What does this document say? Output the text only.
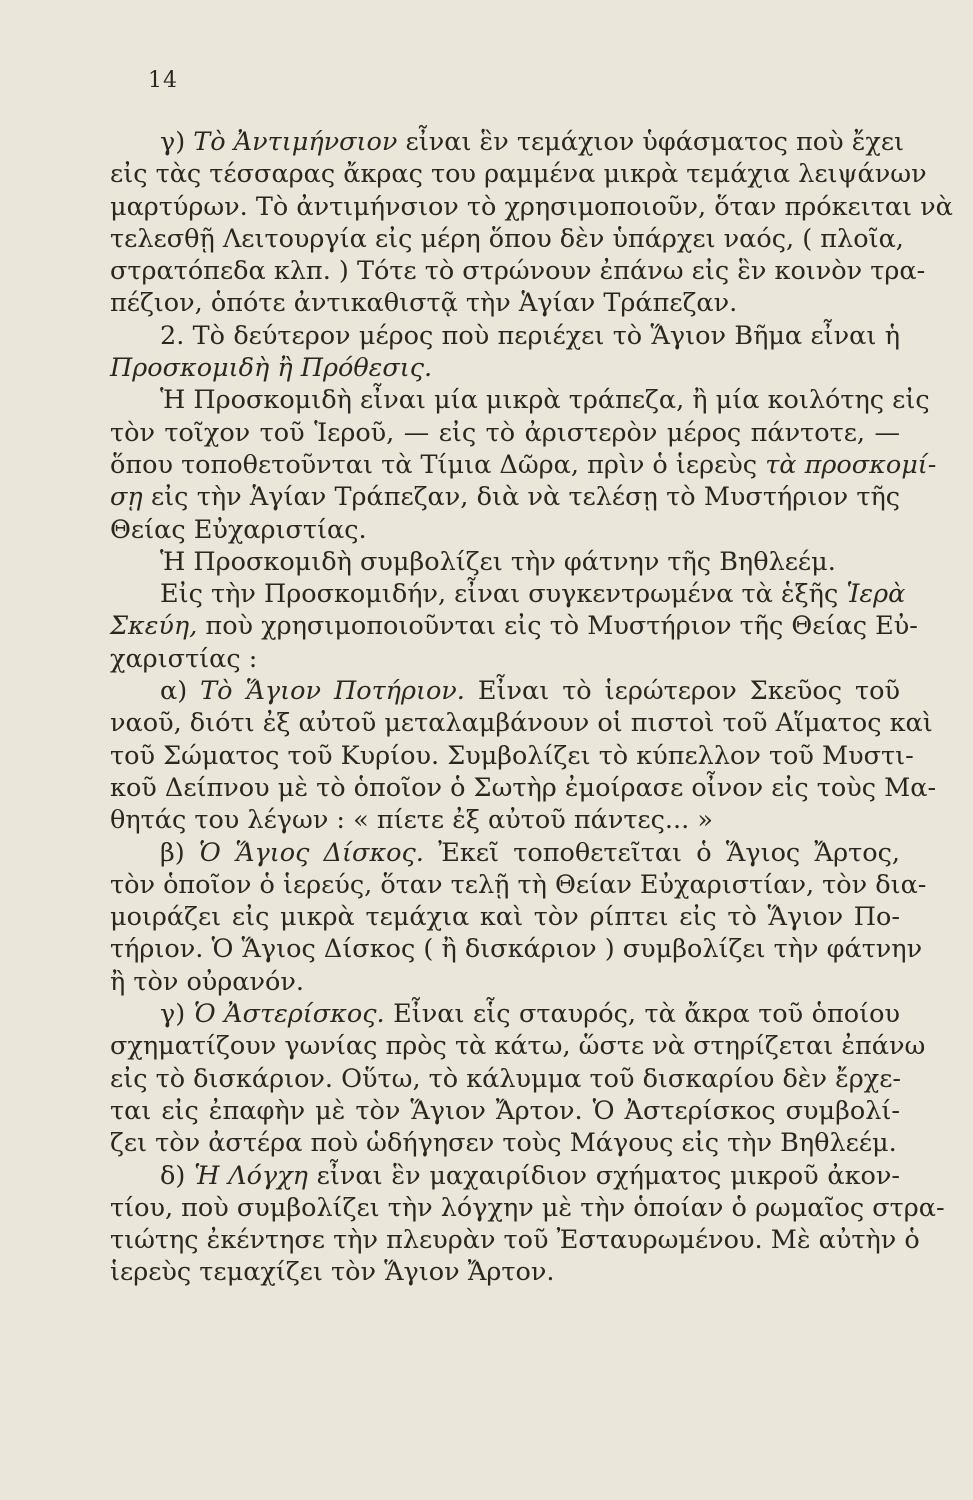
14
γ) Τὸ Ἀντιμήνσιον εἶναι ἓν τεμάχιον ὑφάσματος ποὺ ἔχει
εἰς τὰς τέσσαρας ἄκρας του ραμμένα μικρὰ τεμάχια λειψάνων
μαρτύρων. Τὸ ἀντιμήνσιον τὸ χρησιμοποιοῦν, ὅταν πρόκειται νὰ
τελεσθῇ Λειτουργία εἰς μέρη ὅπου δὲν ὑπάρχει ναός, ( πλοῖα,
στρατόπεδα κλπ. ) Τότε τὸ στρώνουν ἐπάνω εἰς ἓν κοινὸν τρα-
πέζιον, ὁπότε ἀντικαθιστᾷ τὴν Ἁγίαν Τράπεζαν.
2. Τὸ δεύτερον μέρος ποὺ περιέχει τὸ Ἅγιον Βῆμα εἶναι ἡ
Προσκομιδὴ ἢ Πρόθεσις.
Ἡ Προσκομιδὴ εἶναι μία μικρὰ τράπεζα, ἢ μία κοιλότης εἰς
τὸν τοῖχον τοῦ Ἱεροῦ, — εἰς τὸ ἀριστερὸν μέρος πάντοτε, —
ὅπου τοποθετοῦνται τὰ Τίμια Δῶρα, πρὶν ὁ ἱερεὺς τὰ προσκομί-
σῃ εἰς τὴν Ἁγίαν Τράπεζαν, διὰ νὰ τελέσῃ τὸ Μυστήριον τῆς
Θείας Εὐχαριστίας.
Ἡ Προσκομιδὴ συμβολίζει τὴν φάτνην τῆς Βηθλεέμ.
Εἰς τὴν Προσκομιδήν, εἶναι συγκεντρωμένα τὰ ἑξῆς Ἱερὰ
Σκεύη, ποὺ χρησιμοποιοῦνται εἰς τὸ Μυστήριον τῆς Θείας Εὐ-
χαριστίας :
α) Τὸ Ἅγιον Ποτήριον. Εἶναι τὸ ἱερώτερον Σκεῦος τοῦ
ναοῦ, διότι ἐξ αὐτοῦ μεταλαμβάνουν οἱ πιστοὶ τοῦ Αἵματος καὶ
τοῦ Σώματος τοῦ Κυρίου. Συμβολίζει τὸ κύπελλον τοῦ Μυστι-
κοῦ Δείπνου μὲ τὸ ὁποῖον ὁ Σωτὴρ ἐμοίρασε οἶνον εἰς τοὺς Μα-
θητάς του λέγων : « πίετε ἐξ αὐτοῦ πάντες... »
β) Ὁ Ἅγιος Δίσκος. Ἐκεῖ τοποθετεῖται ὁ Ἅγιος Ἄρτος,
τὸν ὁποῖον ὁ ἱερεύς, ὅταν τελῇ τὴ Θείαν Εὐχαριστίαν, τὸν δια-
μοιράζει εἰς μικρὰ τεμάχια καὶ τὸν ρίπτει εἰς τὸ Ἅγιον Πο-
τήριον. Ὁ Ἅγιος Δίσκος ( ἢ δισκάριον ) συμβολίζει τὴν φάτνην
ἢ τὸν οὐρανόν.
γ) Ὁ Ἀστερίσκος. Εἶναι εἷς σταυρός, τὰ ἄκρα τοῦ ὁποίου
σχηματίζουν γωνίας πρὸς τὰ κάτω, ὥστε νὰ στηρίζεται ἐπάνω
εἰς τὸ δισκάριον. Οὕτω, τὸ κάλυμμα τοῦ δισκαρίου δὲν ἔρχε-
ται εἰς ἐπαφὴν μὲ τὸν Ἅγιον Ἄρτον. Ὁ Ἀστερίσκος συμβολί-
ζει τὸν ἀστέρα ποὺ ὡδήγησεν τοὺς Μάγους εἰς τὴν Βηθλεέμ.
δ) Ἡ Λόγχη εἶναι ἓν μαχαιρίδιον σχήματος μικροῦ ἀκον-
τίου, ποὺ συμβολίζει τὴν λόγχην μὲ τὴν ὁποίαν ὁ ρωμαῖος στρα-
τιώτης ἐκέντησε τὴν πλευρὰν τοῦ Ἐσταυρωμένου. Μὲ αὐτὴν ὁ
ἱερεὺς τεμαχίζει τὸν Ἅγιον Ἄρτον.
